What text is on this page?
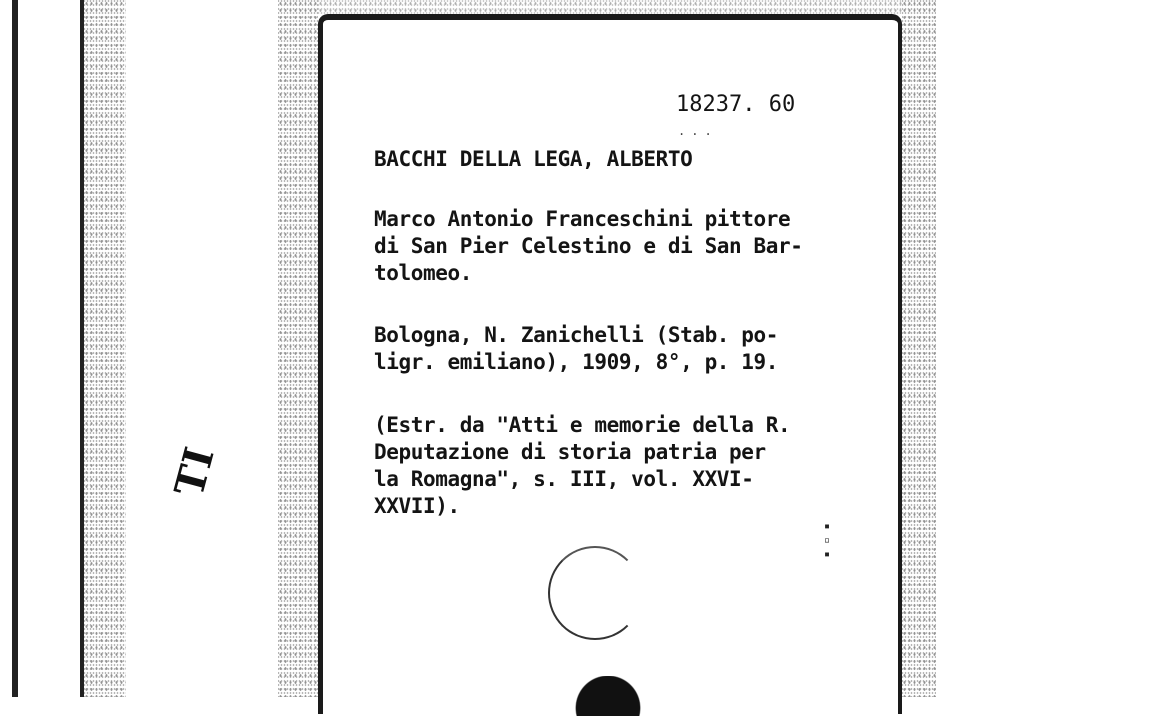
TI
18237. 60
...
BACCHI DELLA LEGA, ALBERTO
Marco Antonio Franceschini pittore
di San Pier Celestino e di San Bar-
tolomeo.
Bologna, N. Zanichelli (Stab. po-
ligr. emiliano), 1909, 8°, p. 19.
(Estr. da "Atti e memorie della R.
Deputazione di storia patria per
la Romagna", s. III, vol. XXVI-
XXVII).
▪
▫
▪
